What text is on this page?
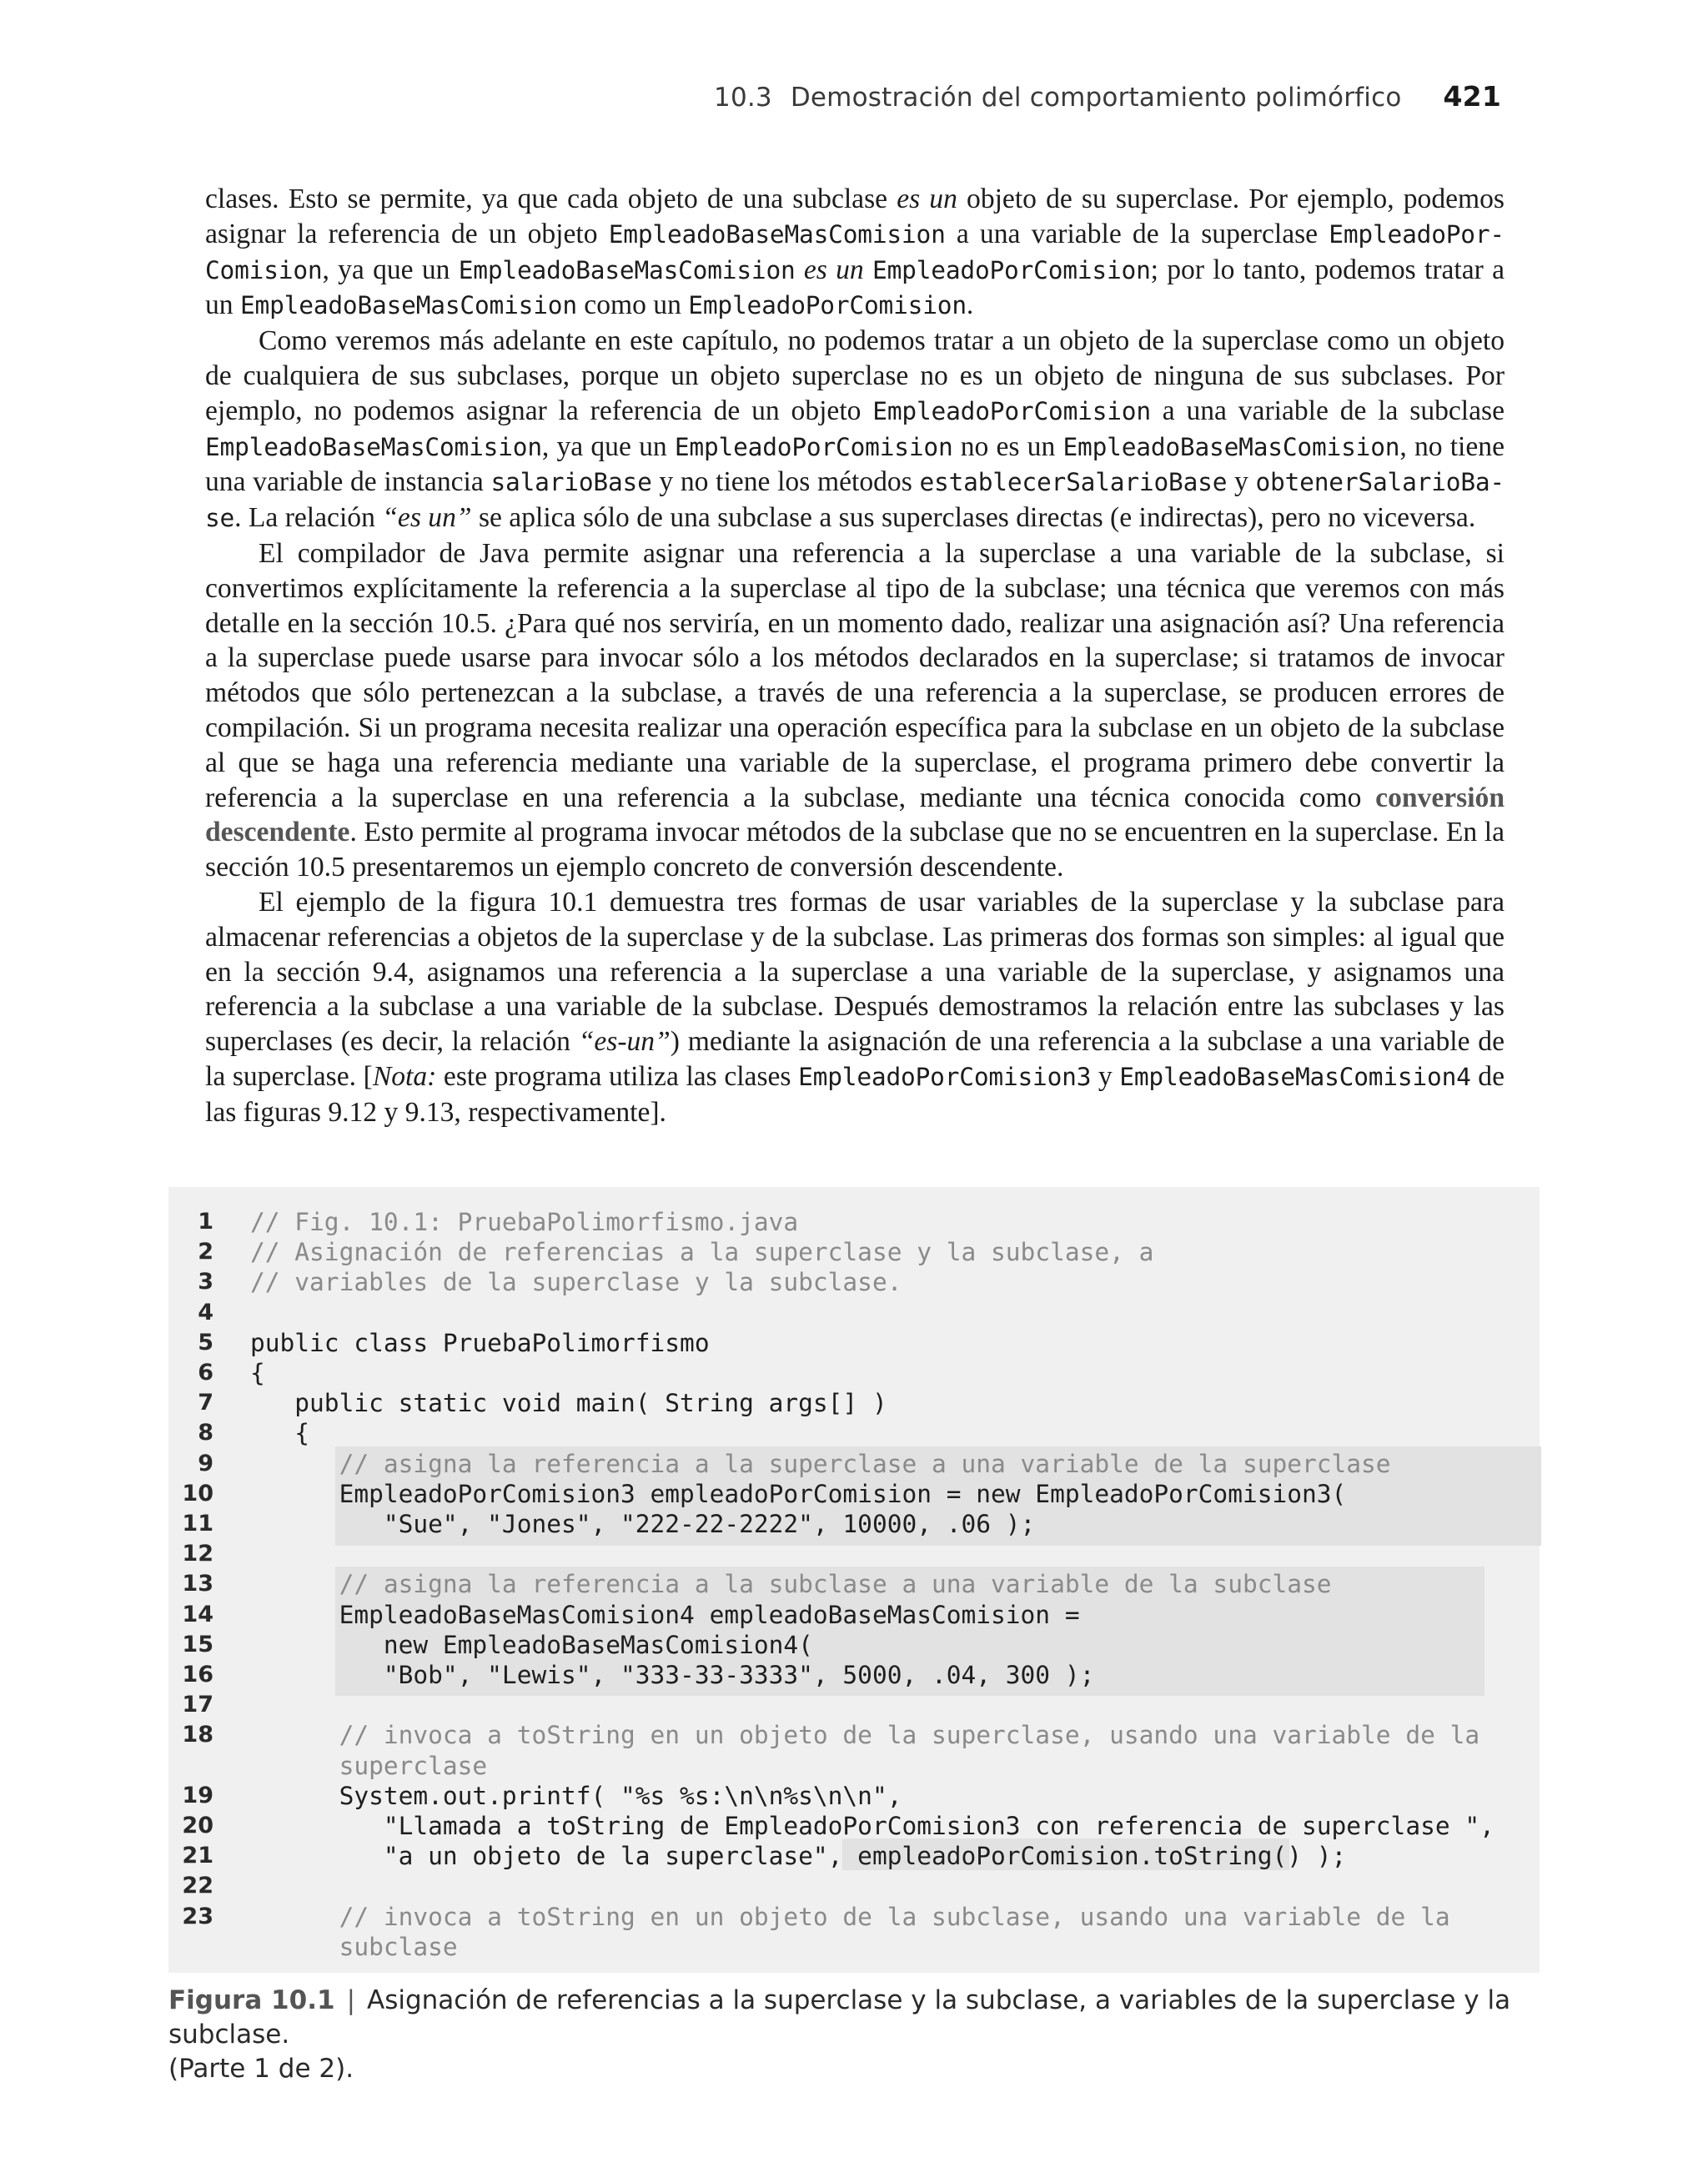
10.3 Demostración del comportamiento polimórfico 421

clases. Esto se permite, ya que cada objeto de una subclase es un objeto de su superclase. Por ejemplo, podemos asignar la referencia de un objeto EmpleadoBaseMasComision a una variable de la superclase EmpleadoPor-Comision, ya que un EmpleadoBaseMasComision es un EmpleadoPorComision; por lo tanto, podemos tratar a un EmpleadoBaseMasComision como un EmpleadoPorComision.

Como veremos más adelante en este capítulo, no podemos tratar a un objeto de la superclase como un objeto de cualquiera de sus subclases, porque un objeto superclase no es un objeto de ninguna de sus subclases. Por ejemplo, no podemos asignar la referencia de un objeto EmpleadoPorComision a una variable de la subclase EmpleadoBaseMasComision, ya que un EmpleadoPorComision no es un EmpleadoBaseMasComision, no tiene una variable de instancia salarioBase y no tiene los métodos establecerSalarioBase y obtenerSalarioBa-se. La relación “es un” se aplica sólo de una subclase a sus superclases directas (e indirectas), pero no viceversa.

El compilador de Java permite asignar una referencia a la superclase a una variable de la subclase, si convertimos explícitamente la referencia a la superclase al tipo de la subclase; una técnica que veremos con más detalle en la sección 10.5. ¿Para qué nos serviría, en un momento dado, realizar una asignación así? Una referencia a la superclase puede usarse para invocar sólo a los métodos declarados en la superclase; si tratamos de invocar métodos que sólo pertenezcan a la subclase, a través de una referencia a la superclase, se producen errores de compilación. Si un programa necesita realizar una operación específica para la subclase en un objeto de la subclase al que se haga una referencia mediante una variable de la superclase, el programa primero debe convertir la referencia a la superclase en una referencia a la subclase, mediante una técnica conocida como conversión descendente. Esto permite al programa invocar métodos de la subclase que no se encuentren en la superclase. En la sección 10.5 presentaremos un ejemplo concreto de conversión descendente.

El ejemplo de la figura 10.1 demuestra tres formas de usar variables de la superclase y la subclase para almacenar referencias a objetos de la superclase y de la subclase. Las primeras dos formas son simples: al igual que en la sección 9.4, asignamos una referencia a la superclase a una variable de la superclase, y asignamos una referencia a la subclase a una variable de la subclase. Después demostramos la relación entre las subclases y las superclases (es decir, la relación “es-un”) mediante la asignación de una referencia a la subclase a una variable de la superclase. [Nota: este programa utiliza las clases EmpleadoPorComision3 y EmpleadoBaseMasComision4 de las figuras 9.12 y 9.13, respectivamente].

1 // Fig. 10.1: PruebaPolimorfismo.java
2 // Asignación de referencias a la superclase y la subclase, a
3 // variables de la superclase y la subclase.
4
5 public class PruebaPolimorfismo
6 {
7 public static void main( String args[] )
8 {
9 // asigna la referencia a la superclase a una variable de la superclase
10 EmpleadoPorComision3 empleadoPorComision = new EmpleadoPorComision3(
11 "Sue", "Jones", "222-22-2222", 10000, .06 );
12
13 // asigna la referencia a la subclase a una variable de la subclase
14 EmpleadoBaseMasComision4 empleadoBaseMasComision =
15 new EmpleadoBaseMasComision4(
16 "Bob", "Lewis", "333-33-3333", 5000, .04, 300 );
17
18 // invoca a toString en un objeto de la superclase, usando una variable de la
superclase
19 System.out.printf( "%s %s:\n\n%s\n\n",
20 "Llamada a toString de EmpleadoPorComision3 con referencia de superclase ",
21 "a un objeto de la superclase", empleadoPorComision.toString() );
22
23 // invoca a toString en un objeto de la subclase, usando una variable de la
subclase
Figura 10.1 | Asignación de referencias a la superclase y la subclase, a variables de la superclase y la subclase.
(Parte 1 de 2).
